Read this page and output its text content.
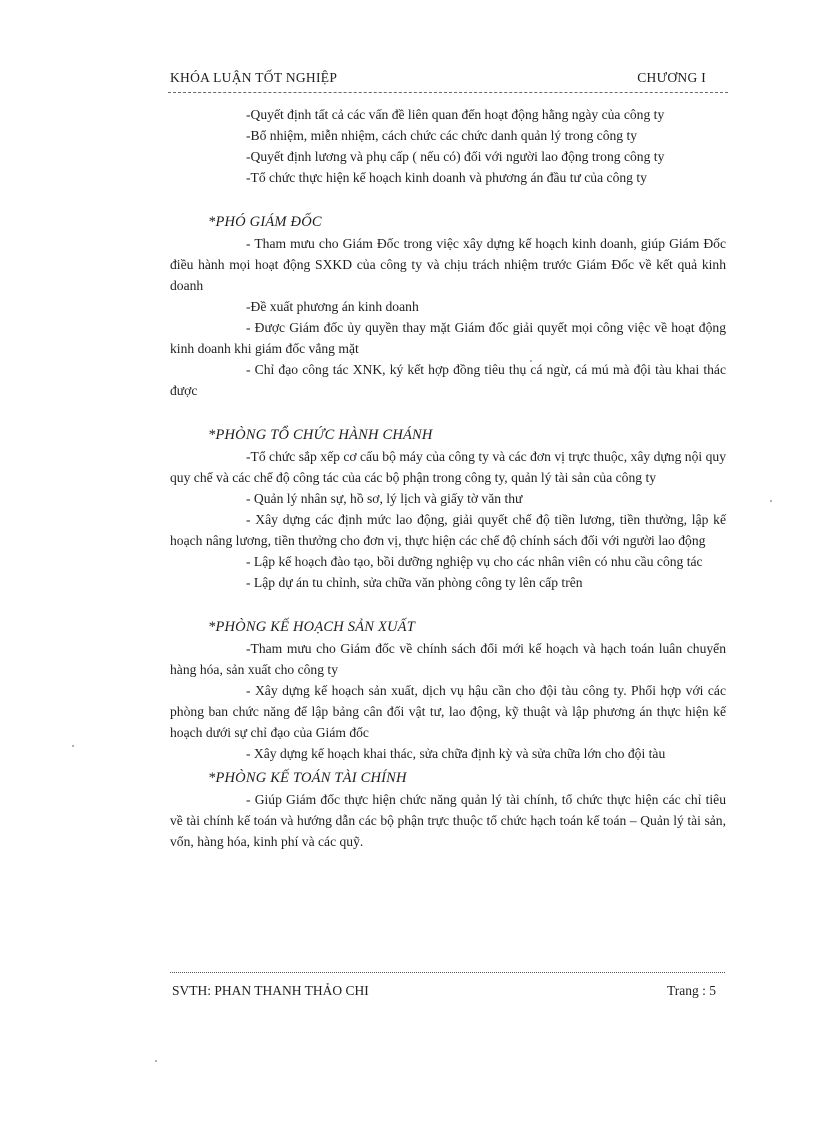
KHÓA LUẬN TỐT NGHIỆP	CHƯƠNG I

-Quyết định tất cả các vấn đề liên quan đến hoạt động hằng ngày của công ty

-Bổ nhiệm, miễn nhiệm, cách chức các chức danh quản lý trong công ty

-Quyết định lương và phụ cấp ( nếu có) đối với người lao động trong công ty

-Tổ chức thực hiện kế hoạch kinh doanh và phương án đầu tư của công ty

*PHÓ GIÁM ĐỐC

- Tham mưu cho Giám Đốc trong việc xây dựng kế hoạch kinh doanh, giúp Giám Đốc điều hành mọi hoạt động SXKD của công ty và chịu trách nhiệm trước Giám Đốc về kết quả kinh doanh

-Đề xuất phương án kinh doanh

- Được Giám đốc ủy quyền thay mặt Giám đốc giải quyết mọi công việc về hoạt động kinh doanh khi giám đốc vắng mặt

- Chỉ đạo công tác XNK, ký kết hợp đồng tiêu thụ cá ngừ, cá mú mà đội tàu khai thác được

*PHÒNG TỔ CHỨC HÀNH CHÁNH

-Tổ chức sắp xếp cơ cấu bộ máy của công ty và các đơn vị trực thuộc, xây dựng nội quy quy chế và các chế độ công tác của các bộ phận trong công ty, quản lý tài sản của công ty

- Quản lý nhân sự, hồ sơ, lý lịch và giấy tờ văn thư

- Xây dựng các định mức lao động, giải quyết chế độ tiền lương, tiền thưởng, lập kế hoạch nâng lương, tiền thưởng cho đơn vị, thực hiện các chế độ chính sách đối với người lao động

- Lập kế hoạch đào tạo, bồi dưỡng nghiệp vụ cho các nhân viên có nhu cầu công tác

- Lập dự án tu chỉnh, sửa chữa văn phòng công ty lên cấp trên

*PHÒNG KẾ HOẠCH SẢN XUẤT

-Tham mưu cho Giám đốc về chính sách đổi mới kế hoạch và hạch toán luân chuyển hàng hóa, sản xuất cho công ty

- Xây dựng kế hoạch sản xuất, dịch vụ hậu cần cho đội tàu công ty. Phối hợp với các phòng ban chức năng để lập bảng cân đối vật tư, lao động, kỹ thuật và lập phương án thực hiện kế hoạch dưới sự chỉ đạo của Giám đốc

- Xây dựng kế hoạch khai thác, sửa chữa định kỳ và sửa chữa lớn cho đội tàu

*PHÒNG KẾ TOÁN TÀI CHÍNH

- Giúp Giám đốc thực hiện chức năng quản lý tài chính, tổ chức thực hiện các chỉ tiêu về tài chính kế toán và hướng dẫn các bộ phận trực thuộc tổ chức hạch toán kế toán – Quản lý tài sản, vốn, hàng hóa, kinh phí và các quỹ.

SVTH: PHAN THANH THẢO CHI	Trang : 5
